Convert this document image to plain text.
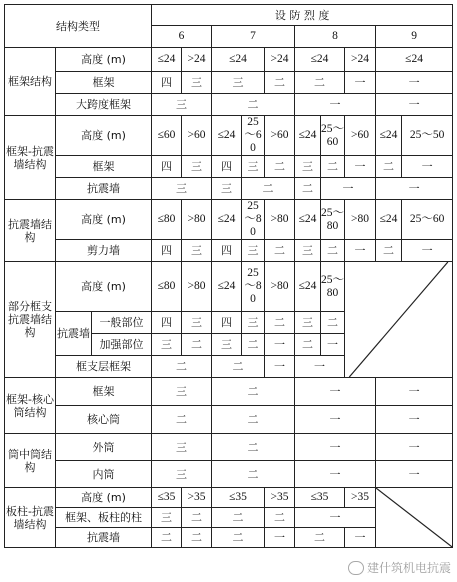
结构类型			设 防 烈 度									
			6		7			8			9	
框架结构	高度 (m)		≤24	>24	≤24		>24	≤24		>24	≤24	
	框架		四	三	三		二	二		一	一	
	大跨度框架		三		二			一			一	
框架-抗震墙结构	高度 (m)		≤60	>60	≤24	25～60	>60	≤24	25～60	>60	≤24	25～50
	框架		四	三	四	三	二	三	二	一	二	一
	抗震墙		三		三	二		二	一		一	
抗震墙结构	高度 (m)		≤80	>80	≤24	25～80	>80	≤24	25～80	>80	≤24	25～60
	剪力墙		四	三	四	三	二	三	二	一	二	一
部分框支抗震墙结构	高度 (m)		≤80	>80	≤24	25～80	>80	≤24	25～80	

	抗震墙	一般部位	四	三	四	三	二	三	二			
		加强部位	三	二	三	二	一	二	一			
	框支层框架		二		二		一	一				
框架-核心筒结构	框架		三		二			一			一	
	核心筒		二		二			一			一	
筒中筒结构	外筒		三		二			一			一	
	内筒		三		二			一			一	
板柱-抗震墙结构	高度 (m)		≤35	>35	≤35		>35	≤35		>35	

	框架、板柱的柱		三	二	二		二	一				
	抗震墙		二	二	二		一	二		一		
建什筑机电抗震
